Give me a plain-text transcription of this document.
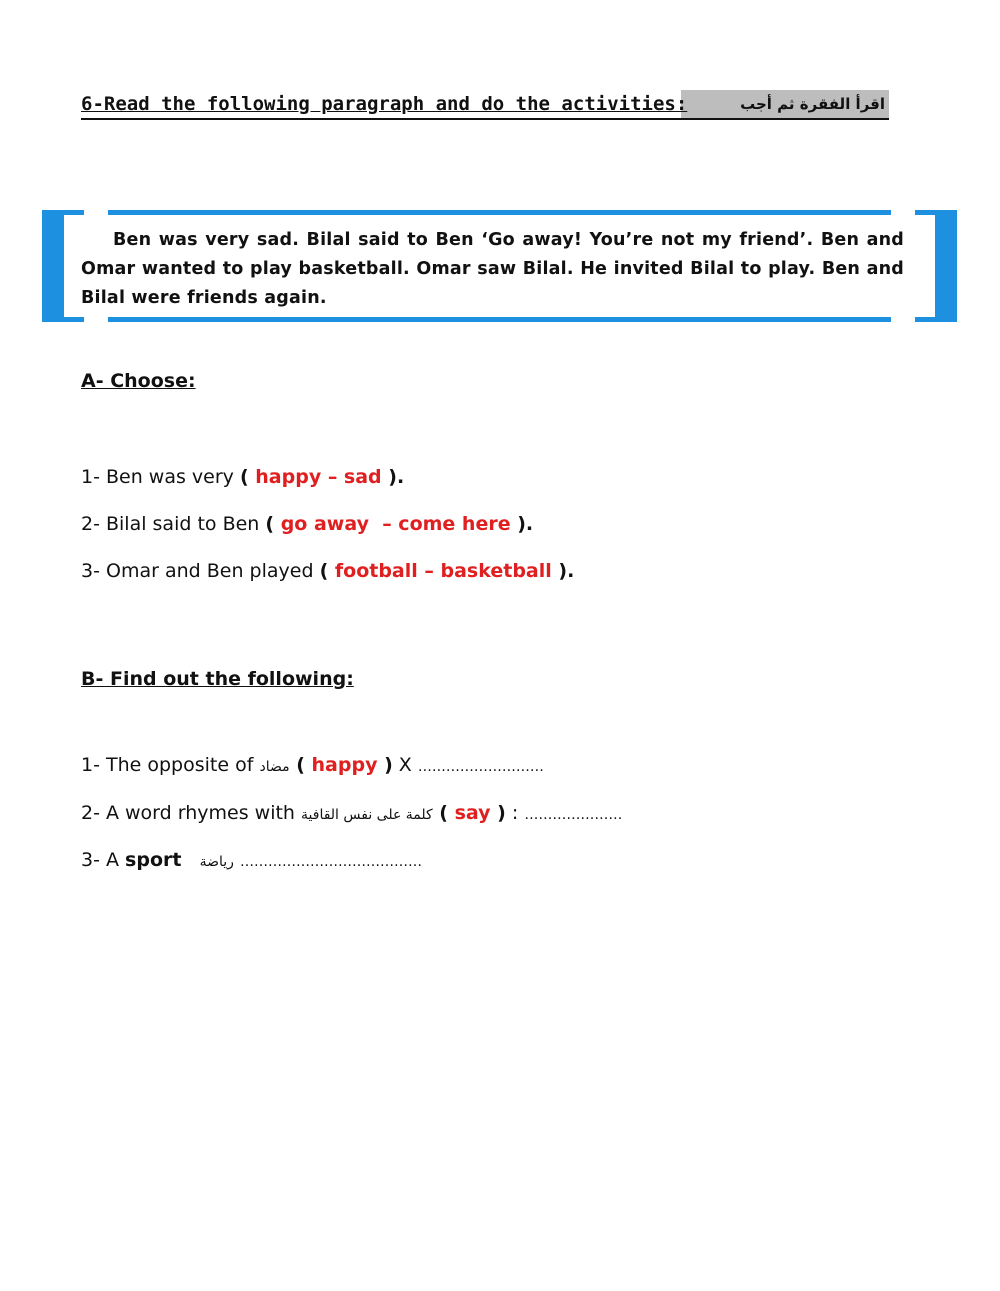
6-Read the following paragraph and do the activities:	اقرأ الفقرة ثم أجب
Ben was very sad. Bilal said to Ben ‘Go away! You’re not my friend’. Ben and Omar wanted to play basketball. Omar saw Bilal. He invited Bilal to play. Ben and Bilal were friends again.
A- Choose:
1- Ben was very ( happy – sad ).
2- Bilal said to Ben ( go away  – come here ).
3- Omar and Ben played ( football – basketball ).
B- Find out the following:
1- The opposite of مضاد ( happy ) X ………………………
2- A word rhymes with كلمة على نفس القافية ( say ) : …………………
3- A sport رياضة …………………………………
